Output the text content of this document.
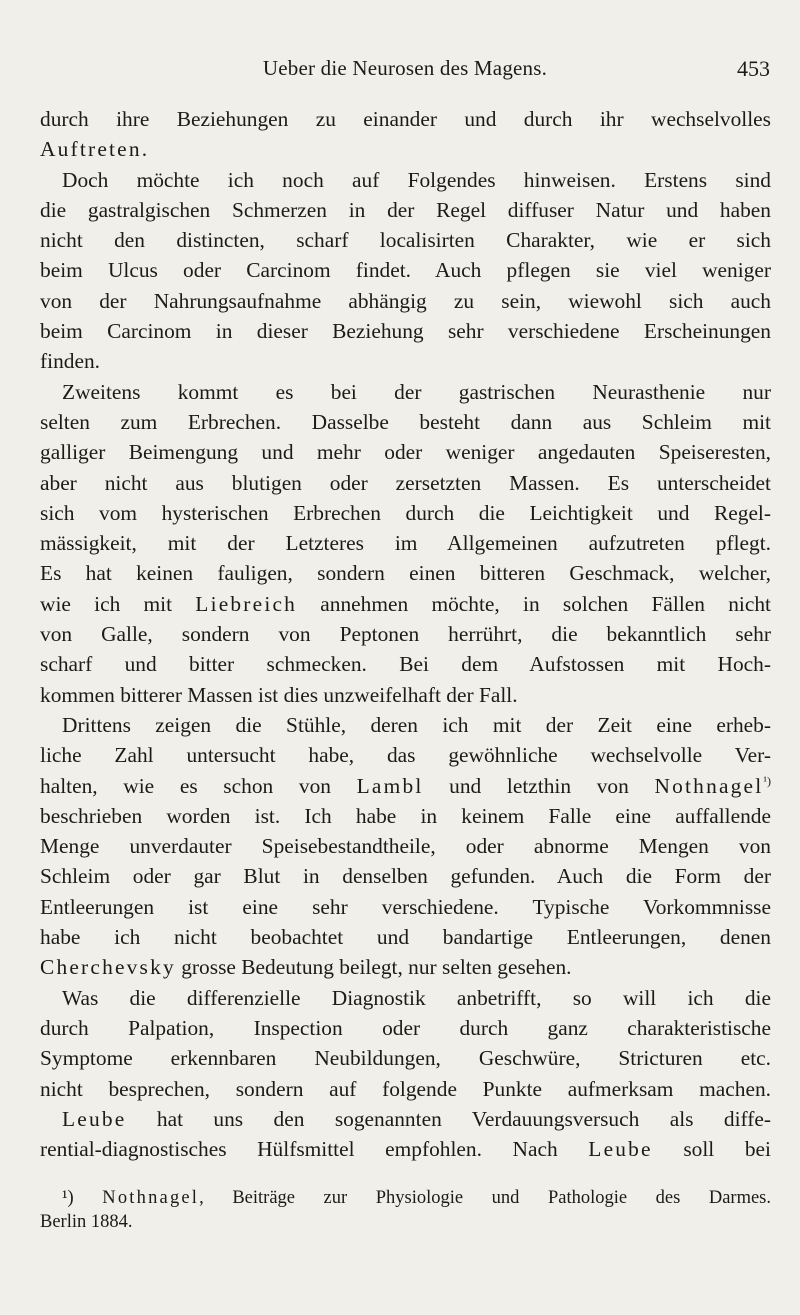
Ueber die Neurosen des Magens.	453
durch ihre Beziehungen zu einander und durch ihr wechselvolles
Auftreten.
Doch möchte ich noch auf Folgendes hinweisen. Erstens sind
die gastralgischen Schmerzen in der Regel diffuser Natur und haben
nicht den distincten, scharf localisirten Charakter, wie er sich
beim Ulcus oder Carcinom findet. Auch pflegen sie viel weniger
von der Nahrungsaufnahme abhängig zu sein, wiewohl sich auch
beim Carcinom in dieser Beziehung sehr verschiedene Erscheinungen
finden.
Zweitens kommt es bei der gastrischen Neurasthenie nur
selten zum Erbrechen. Dasselbe besteht dann aus Schleim mit
galliger Beimengung und mehr oder weniger angedauten Speiseresten,
aber nicht aus blutigen oder zersetzten Massen. Es unterscheidet
sich vom hysterischen Erbrechen durch die Leichtigkeit und Regel-
mässigkeit, mit der Letzteres im Allgemeinen aufzutreten pflegt.
Es hat keinen fauligen, sondern einen bitteren Geschmack, welcher,
wie ich mit Liebreich annehmen möchte, in solchen Fällen nicht
von Galle, sondern von Peptonen herrührt, die bekanntlich sehr
scharf und bitter schmecken. Bei dem Aufstossen mit Hoch-
kommen bitterer Massen ist dies unzweifelhaft der Fall.
Drittens zeigen die Stühle, deren ich mit der Zeit eine erheb-
liche Zahl untersucht habe, das gewöhnliche wechselvolle Ver-
halten, wie es schon von Lambl und letzthin von Nothnagel$^{^1)}$
beschrieben worden ist. Ich habe in keinem Falle eine auffallende
Menge unverdauter Speisebestandtheile, oder abnorme Mengen von
Schleim oder gar Blut in denselben gefunden. Auch die Form der
Entleerungen ist eine sehr verschiedene. Typische Vorkommnisse
habe ich nicht beobachtet und bandartige Entleerungen, denen
Cherchevsky grosse Bedeutung beilegt, nur selten gesehen.
Was die differenzielle Diagnostik anbetrifft, so will ich die
durch Palpation, Inspection oder durch ganz charakteristische
Symptome erkennbaren Neubildungen, Geschwüre, Stricturen etc.
nicht besprechen, sondern auf folgende Punkte aufmerksam machen.
Leube hat uns den sogenannten Verdauungsversuch als diffe-
rential-diagnostisches Hülfsmittel empfohlen. Nach Leube soll bei
¹) Nothnagel, Beiträge zur Physiologie und Pathologie des Darmes.
Berlin 1884.
